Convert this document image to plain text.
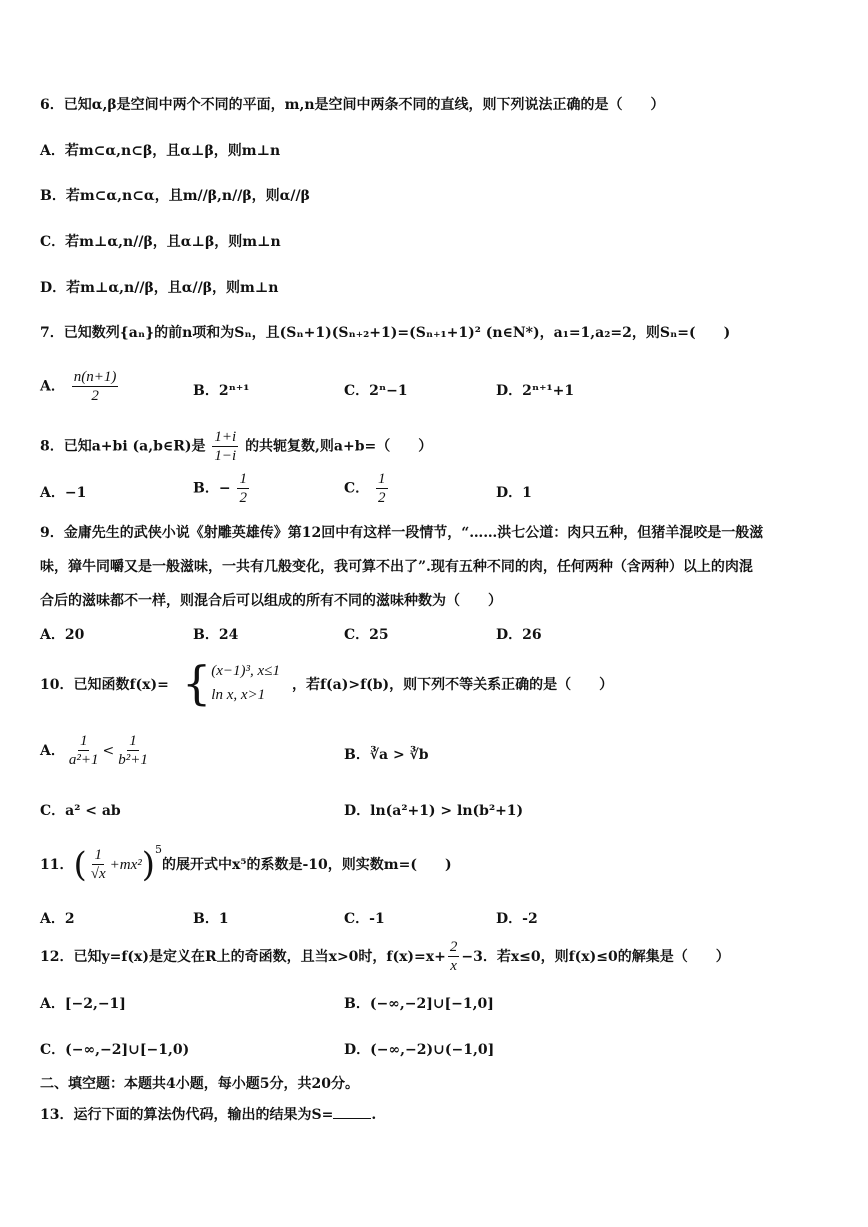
6．已知α,β是空间中两个不同的平面，m,n是空间中两条不同的直线，则下列说法正确的是（　　）
A．若m⊂α,n⊂β，且α⊥β，则m⊥n
B．若m⊂α,n⊂α，且m//β,n//β，则α//β
C．若m⊥α,n//β，且α⊥β，则m⊥n
D．若m⊥α,n//β，且α//β，则m⊥n
7．已知数列{aₙ}的前n项和为Sₙ，且(Sₙ+1)(Sₙ₊₂+1)=(Sₙ₊₁+1)² (n∈N*)，a₁=1,a₂=2，则Sₙ=(　　)
A． $\frac{n(n+1)}{2}$	B．2ⁿ⁺¹	C．2ⁿ−1	D．2ⁿ⁺¹+1
8．已知a+bi (a,b∈R)是 $\frac{1+i}{1-i}$ 的共轭复数,则a+b=（　　）
A．−1	B．− $\frac{1}{2}$	C． $\frac{1}{2}$	D．1
9．金庸先生的武侠小说《射雕英雄传》第12回中有这样一段情节，“……洪七公道：肉只五种，但猪羊混咬是一般滋
味，獐牛同嚼又是一般滋味，一共有几般变化，我可算不出了”.现有五种不同的肉，任何两种（含两种）以上的肉混
合后的滋味都不一样，则混合后可以组成的所有不同的滋味种数为（　　）
A．20	B．24	C．25	D．26
10．已知函数f(x)= { (x−1)³, x≤1
ln x, x>1
，若f(a)>f(b)，则下列不等关系正确的是（　　）
A． $\frac{1}{\text{a²+1}} < \frac{1}{\text{b²+1}}$	B．∛a > ∛b
C．a² < ab	D．ln(a²+1) > ln(b²+1)
11． ( $\frac{1}{√x} +mx^2$ )$^5$
的展开式中x⁵的系数是-10，则实数m=(　　)
A．2	B．1	C．-1	D．-2
12．已知y=f(x)是定义在R上的奇函数，且当x>0时，$f(x)=x+ \frac{2}{x} -3$．若x≤0，则f(x)≤0的解集是（　　）
A．[−2,−1]	B．(−∞,−2]∪[−1,0]
C．(−∞,−2]∪[−1,0)	D．(−∞,−2)∪(−1,0]
二、填空题：本题共4小题，每小题5分，共20分。
13．运行下面的算法伪代码，输出的结果为S=	.
